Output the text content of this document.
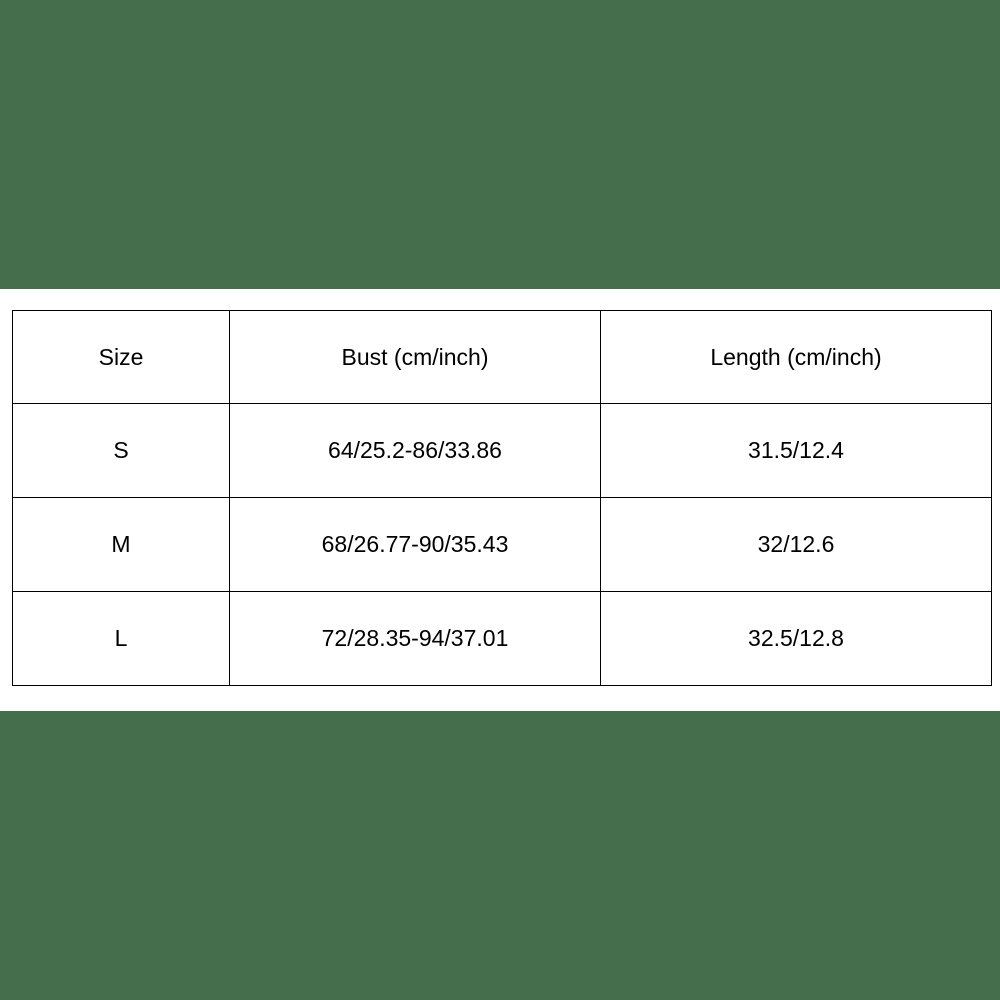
Size	Bust (cm/inch)	Length (cm/inch)
S	64/25.2-86/33.86	31.5/12.4
M	68/26.77-90/35.43	32/12.6
L	72/28.35-94/37.01	32.5/12.8
